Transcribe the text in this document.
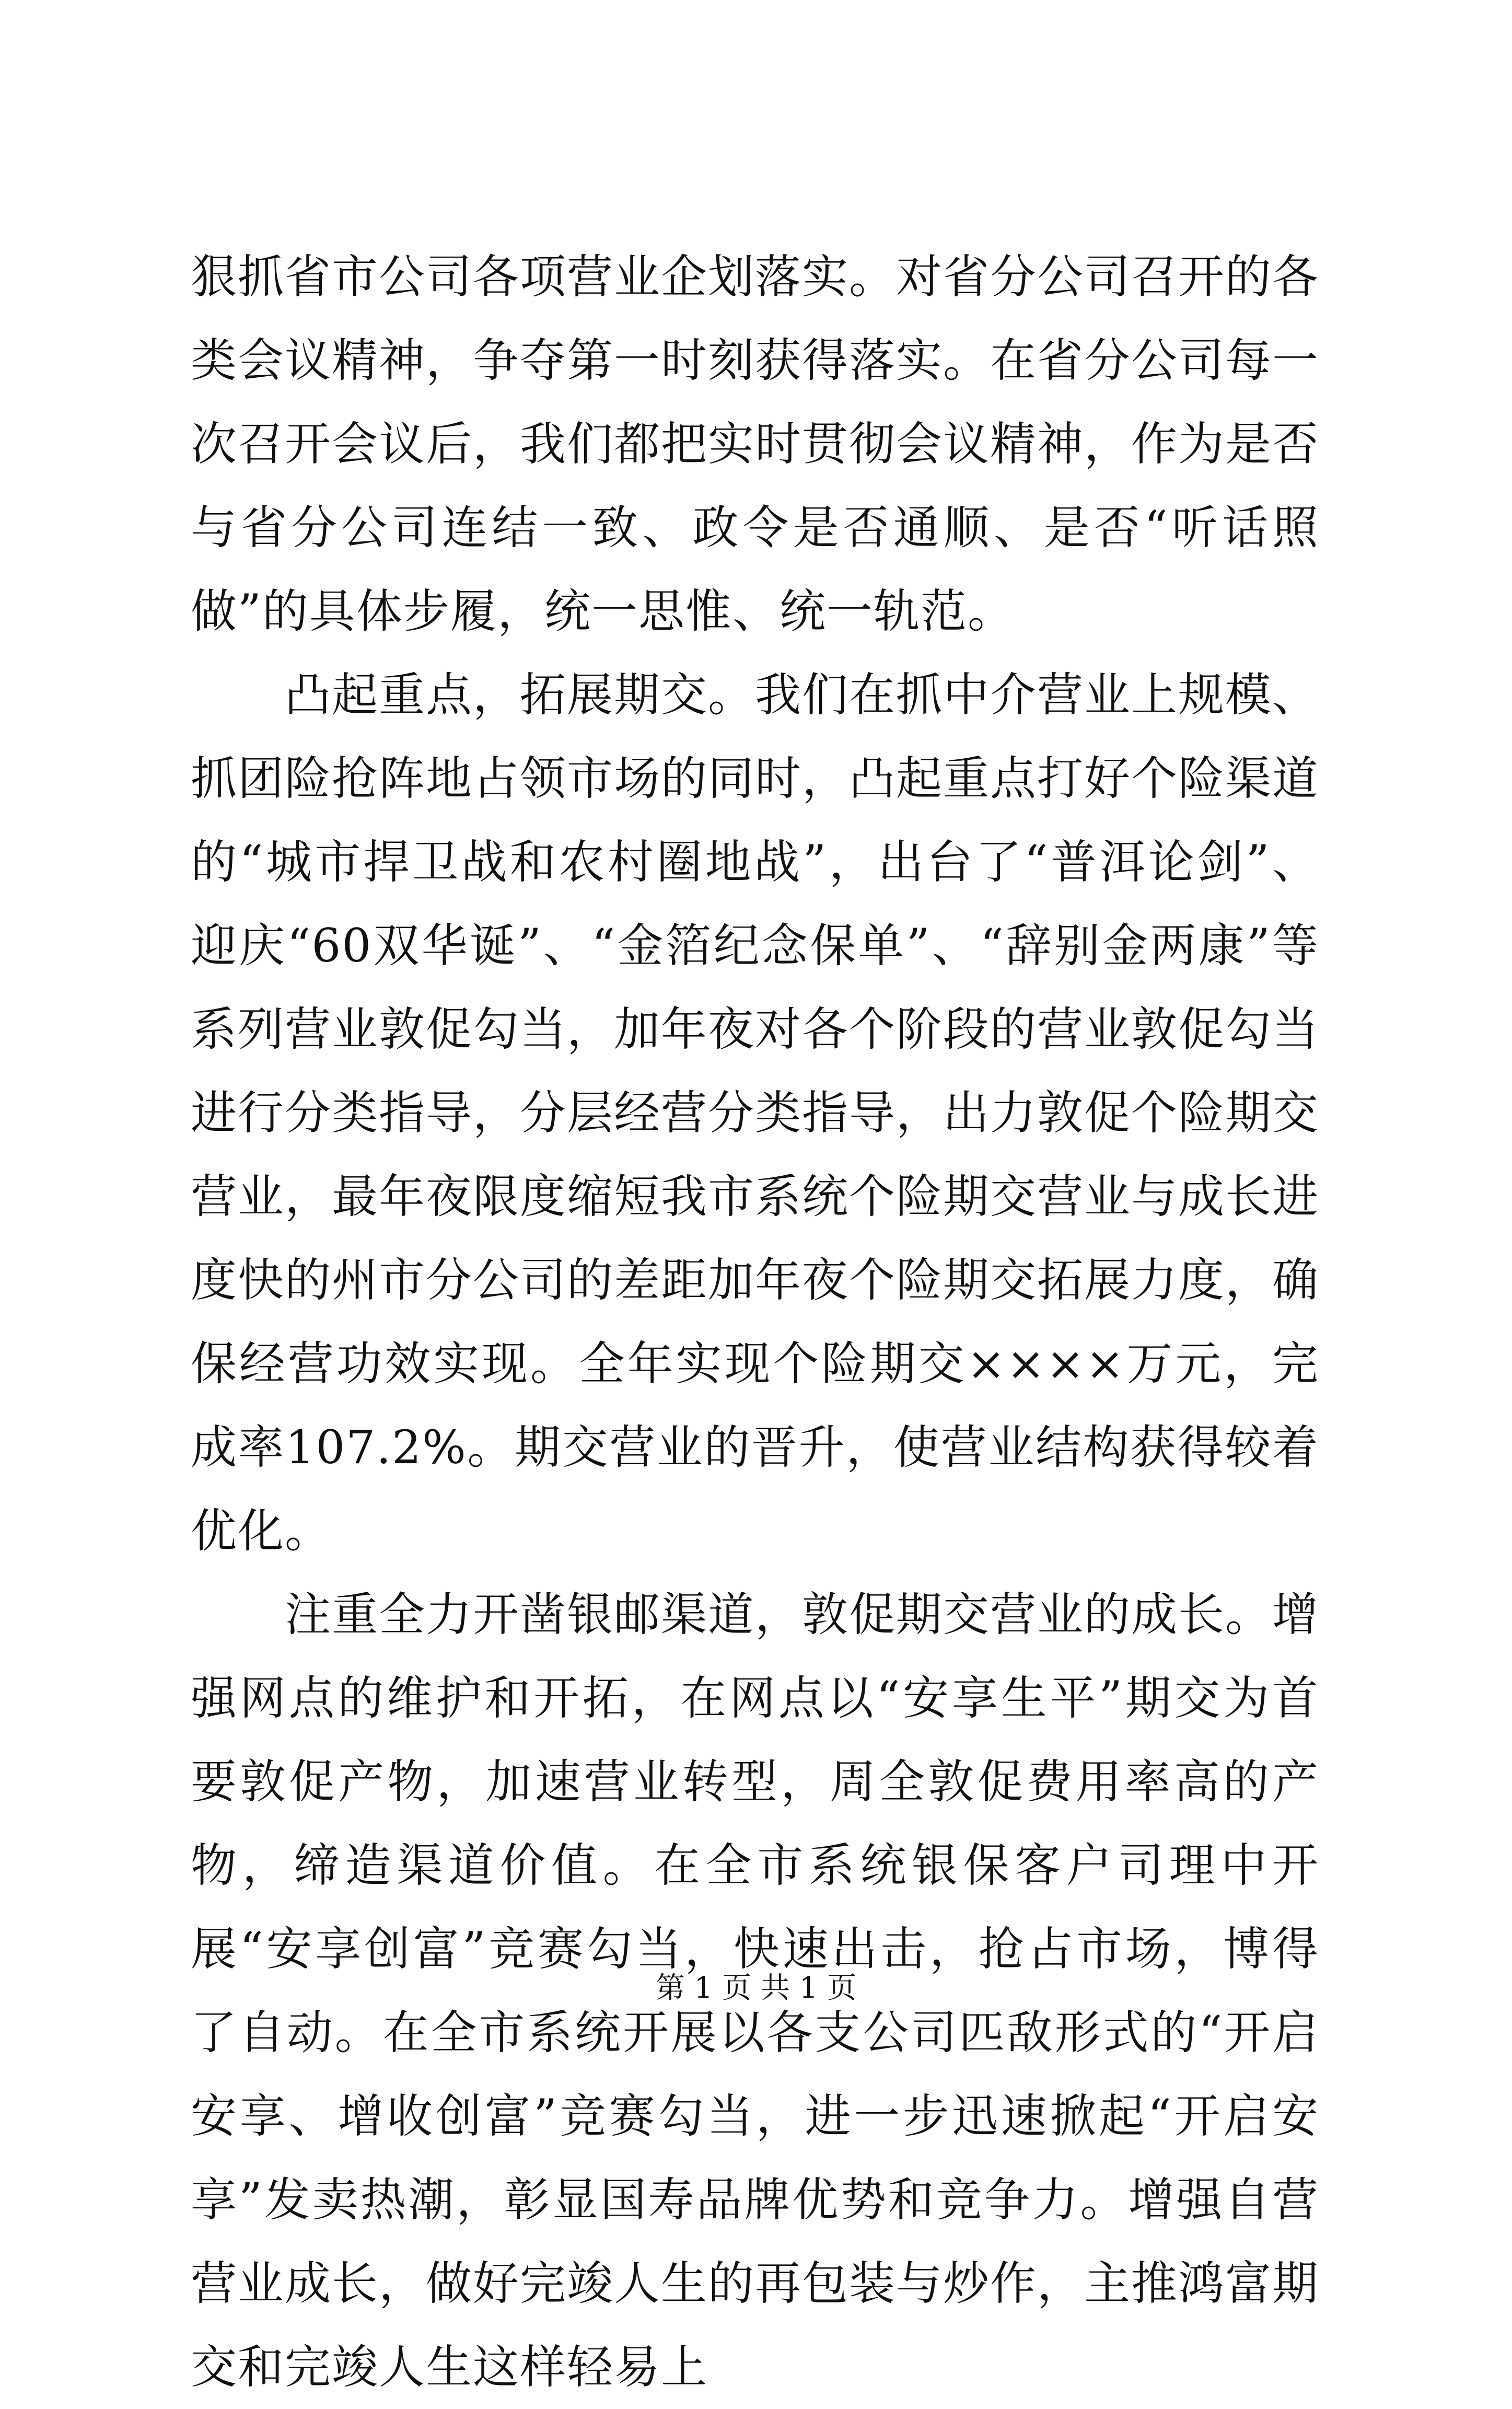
狠抓省市公司各项营业企划落实。对省分公司召开的各类会议精神，争夺第一时刻获得落实。在省分公司每一次召开会议后，我们都把实时贯彻会议精神，作为是否与省分公司连结一致、政令是否通顺、是否“听话照做”的具体步履，统一思惟、统一轨范。

凸起重点，拓展期交。我们在抓中介营业上规模、抓团险抢阵地占领市场的同时，凸起重点打好个险渠道的“城市捍卫战和农村圈地战”，出台了“普洱论剑”、迎庆“60双华诞”、“金箔纪念保单”、“辞别金两康”等系列营业敦促勾当，加年夜对各个阶段的营业敦促勾当进行分类指导，分层经营分类指导，出力敦促个险期交营业，最年夜限度缩短我市系统个险期交营业与成长进度快的州市分公司的差距加年夜个险期交拓展力度，确保经营功效实现。全年实现个险期交××××万元，完成率107.2%。期交营业的晋升，使营业结构获得较着优化。

注重全力开凿银邮渠道，敦促期交营业的成长。增强网点的维护和开拓，在网点以“安享生平”期交为首要敦促产物，加速营业转型，周全敦促费用率高的产物，缔造渠道价值。在全市系统银保客户司理中开展“安享创富”竞赛勾当，快速出击，抢占市场，博得了自动。在全市系统开展以各支公司匹敌形式的“开启安享、增收创富”竞赛勾当，进一步迅速掀起“开启安享”发卖热潮，彰显国寿品牌优势和竞争力。增强自营营业成长，做好完竣人生的再包装与炒作，主推鸿富期交和完竣人生这样轻易上

第 1 页 共 1 页
